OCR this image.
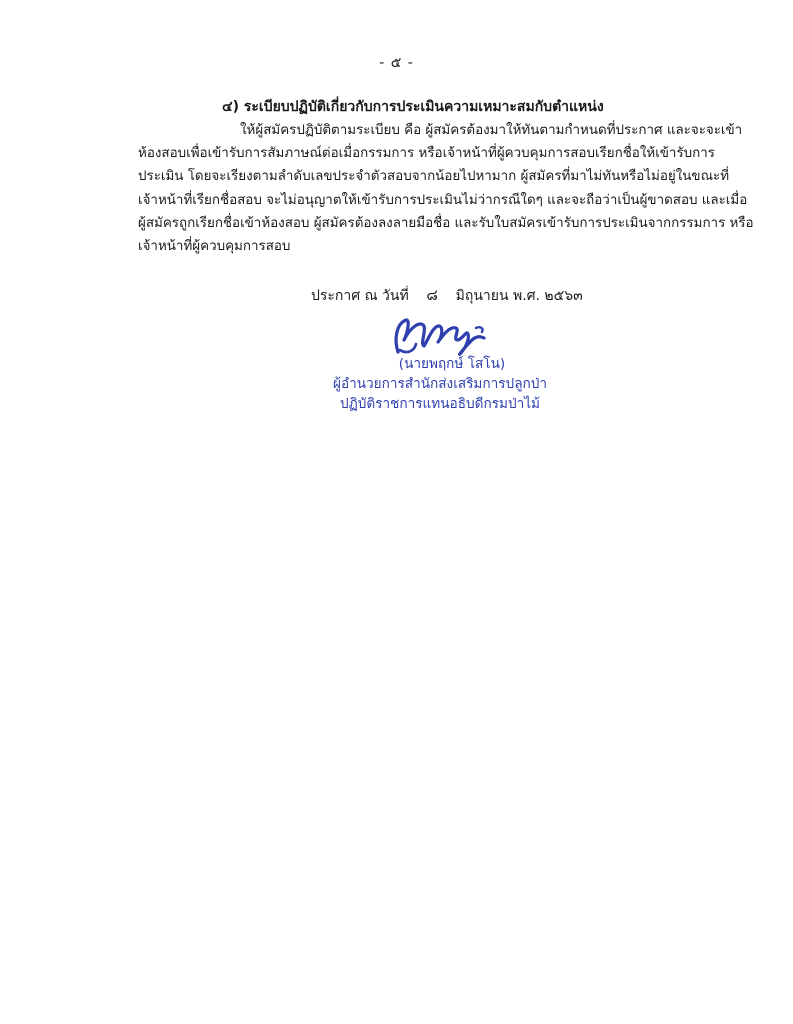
- ๕ -
๔) ระเบียบปฏิบัติเกี่ยวกับการประเมินความเหมาะสมกับตำแหน่ง
ให้ผู้สมัครปฏิบัติตามระเบียบ คือ ผู้สมัครต้องมาให้ทันตามกำหนดที่ประกาศ และจะจะเข้า
ห้องสอบเพื่อเข้ารับการสัมภาษณ์ต่อเมื่อกรรมการ หรือเจ้าหน้าที่ผู้ควบคุมการสอบเรียกชื่อให้เข้ารับการ
ประเมิน โดยจะเรียงตามลำดับเลขประจำตัวสอบจากน้อยไปหามาก ผู้สมัครที่มาไม่ทันหรือไม่อยู่ในขณะที่
เจ้าหน้าที่เรียกชื่อสอบ จะไม่อนุญาตให้เข้ารับการประเมินไม่ว่ากรณีใดๆ และจะถือว่าเป็นผู้ขาดสอบ และเมื่อ
ผู้สมัครถูกเรียกชื่อเข้าห้องสอบ ผู้สมัครต้องลงลายมือชื่อ และรับใบสมัครเข้ารับการประเมินจากกรรมการ หรือ
เจ้าหน้าที่ผู้ควบคุมการสอบ
ประกาศ ณ วันที่ ๘ มิถุนายน พ.ศ. ๒๕๖๓
(นายพฤกษ์ โสโน)
ผู้อำนวยการสำนักส่งเสริมการปลูกป่า
ปฏิบัติราชการแทนอธิบดีกรมป่าไม้
